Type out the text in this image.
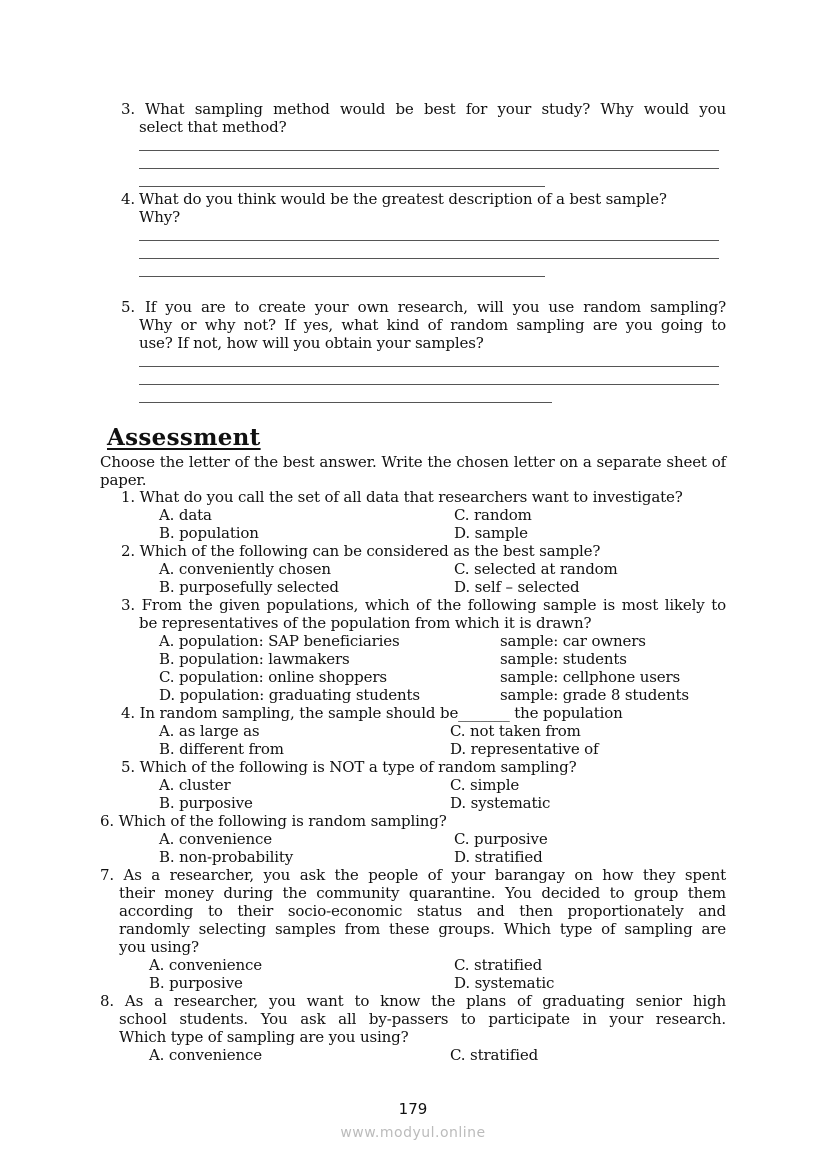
3. What sampling method would be best for your study? Why would you
select that method?
4. What do you think would be the greatest description of a best sample?
Why?
5. If you are to create your own research, will you use random sampling?
Why or why not? If yes, what kind of random sampling are you going to
use? If not, how will you obtain your samples?
Assessment
Choose the letter of the best answer. Write the chosen letter on a separate sheet of
paper.
1. What do you call the set of all data that researchers want to investigate?
A. data	C. random
B. population	D. sample
2. Which of the following can be considered as the best sample?
A. conveniently chosen	C. selected at random
B. purposefully selected	D. self – selected
3. From the given populations, which of the following sample is most likely to
be representatives of the population from which it is drawn?
A. population: SAP beneficiaries	sample: car owners
B. population: lawmakers	sample: students
C. population: online shoppers	sample: cellphone users
D. population: graduating students	sample: grade 8 students
4. In random sampling, the sample should be_______ the population
A. as large as	C. not taken from
B. different from	D. representative of
5. Which of the following is NOT a type of random sampling?
A. cluster	C. simple
B. purposive	D. systematic
6. Which of the following is random sampling?
A. convenience	C. purposive
B. non-probability	D. stratified
7. As a researcher, you ask the people of your barangay on how they spent
their money during the community quarantine. You decided to group them
according to their socio-economic status and then proportionately and
randomly selecting samples from these groups. Which type of sampling are
you using?
A. convenience	C. stratified
B. purposive	D. systematic
8. As a researcher, you want to know the plans of graduating senior high
school students. You ask all by-passers to participate in your research.
Which type of sampling are you using?
A. convenience	C. stratified
179
www.modyul.online
